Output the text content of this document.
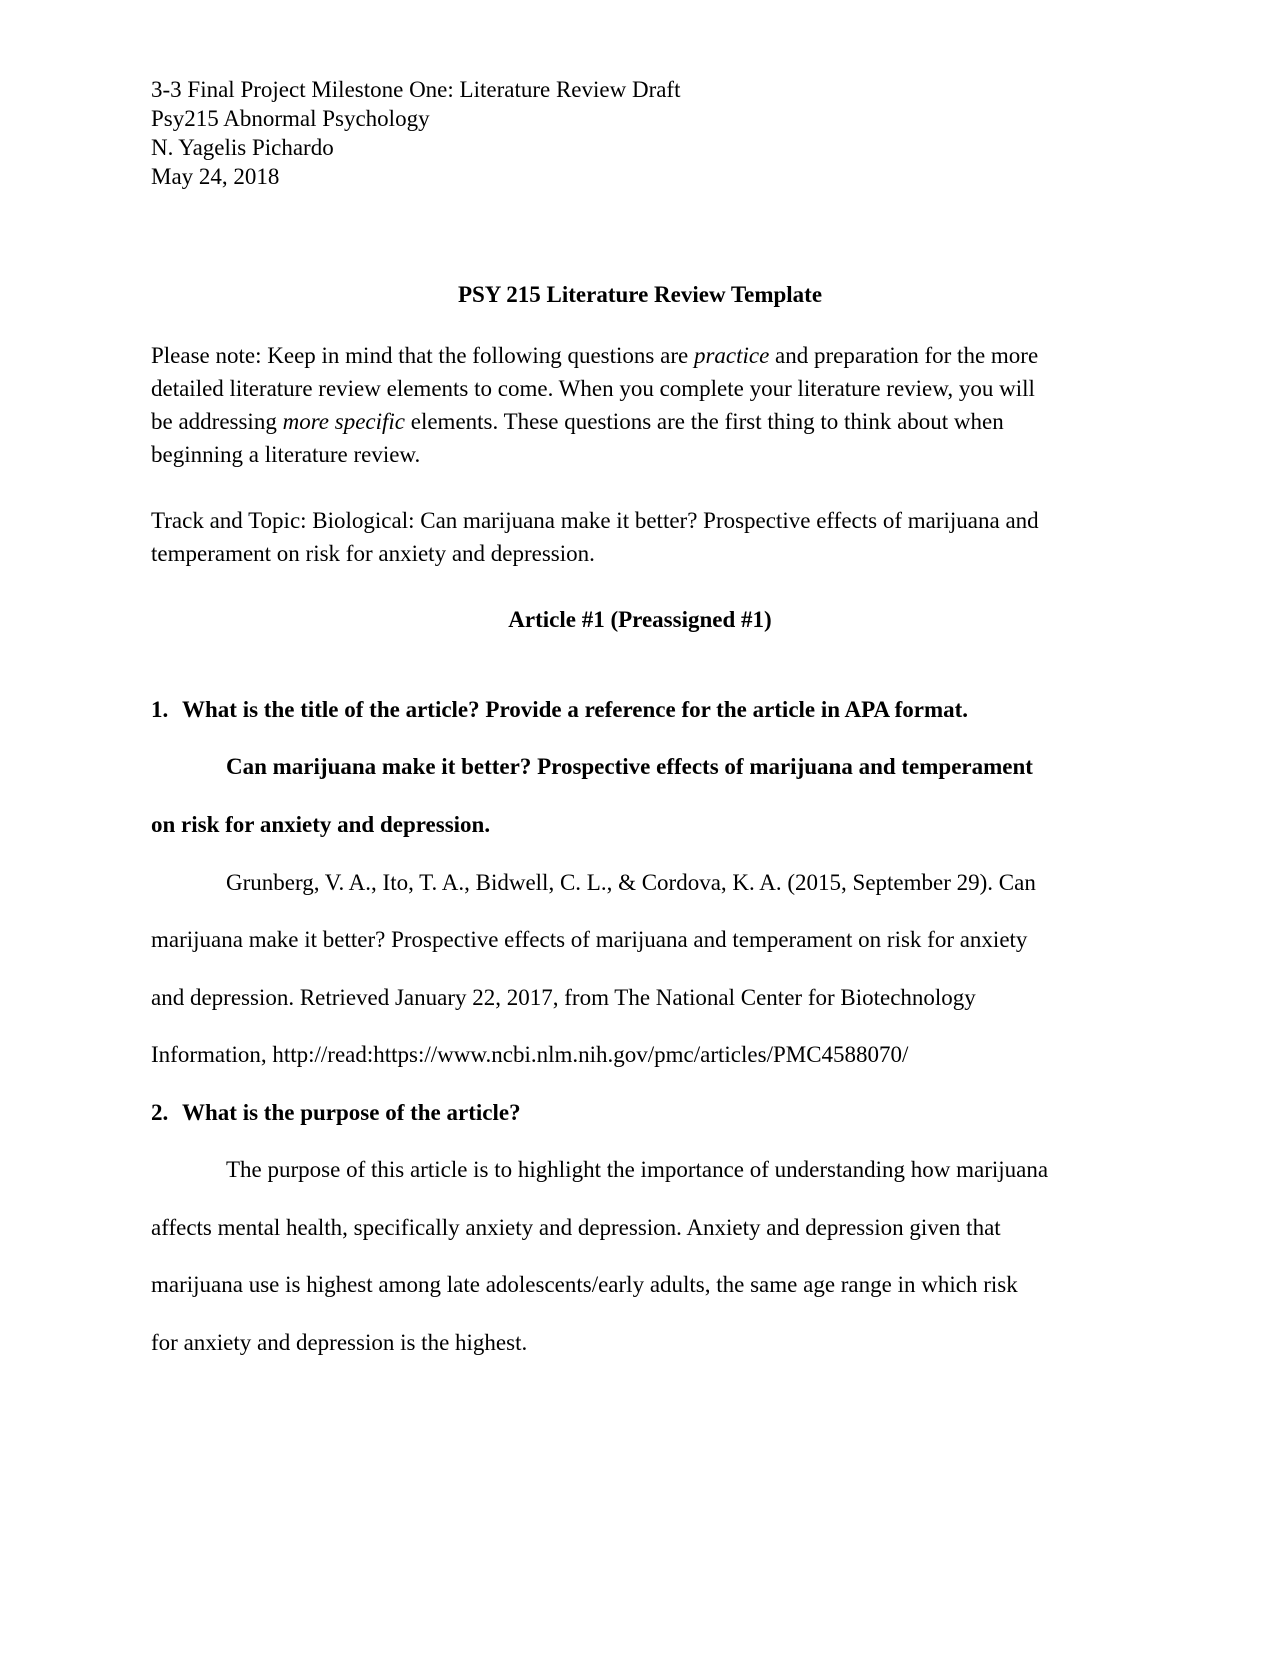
3-3 Final Project Milestone One: Literature Review Draft
Psy215 Abnormal Psychology
N. Yagelis Pichardo
May 24, 2018
PSY 215 Literature Review Template
Please note: Keep in mind that the following questions are practice and preparation for the more
detailed literature review elements to come. When you complete your literature review, you will
be addressing more specific elements. These questions are the first thing to think about when
beginning a literature review.
Track and Topic: Biological: Can marijuana make it better? Prospective effects of marijuana and
temperament on risk for anxiety and depression.
Article #1 (Preassigned #1)
1. What is the title of the article? Provide a reference for the article in APA format.
Can marijuana make it better? Prospective effects of marijuana and temperament
on risk for anxiety and depression.
Grunberg, V. A., Ito, T. A., Bidwell, C. L., & Cordova, K. A. (2015, September 29). Can
marijuana make it better? Prospective effects of marijuana and temperament on risk for anxiety
and depression. Retrieved January 22, 2017, from The National Center for Biotechnology
Information, http://read:https://www.ncbi.nlm.nih.gov/pmc/articles/PMC4588070/
2. What is the purpose of the article?
The purpose of this article is to highlight the importance of understanding how marijuana
affects mental health, specifically anxiety and depression. Anxiety and depression given that
marijuana use is highest among late adolescents/early adults, the same age range in which risk
for anxiety and depression is the highest.
